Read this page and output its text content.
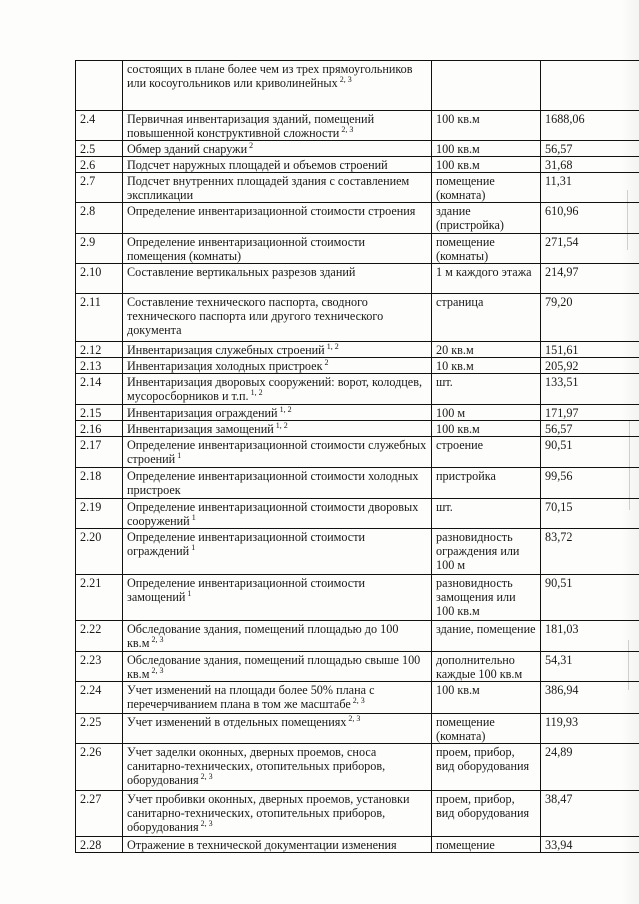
	состоящих в плане более чем из трех прямоугольников или косоугольников или криволинейных $^{2, 3}$		
2.4	Первичная инвентаризация зданий, помещений повышенной конструктивной сложности $^{2, 3}$	100 кв.м	1688,06
2.5	Обмер зданий снаружи $^2$	100 кв.м	56,57
2.6	Подсчет наружных площадей и объемов строений	100 кв.м	31,68
2.7	Подсчет внутренних площадей здания с составлением экспликации	помещение (комната)	11,31
2.8	Определение инвентаризационной стоимости строения	здание (пристройка)	610,96
2.9	Определение инвентаризационной стоимости помещения (комнаты)	помещение (комнаты)	271,54
2.10	Составление вертикальных разрезов зданий	1 м каждого этажа	214,97
2.11	Составление технического паспорта, сводного технического паспорта или другого технического документа	страница	79,20
2.12	Инвентаризация служебных строений $^{1, 2}$	20 кв.м	151,61
2.13	Инвентаризация холодных пристроек $^2$	10 кв.м	205,92
2.14	Инвентаризация дворовых сооружений: ворот, колодцев, мусоросборников и т.п. $^{1, 2}$	шт.	133,51
2.15	Инвентаризация ограждений $^{1, 2}$	100 м	171,97
2.16	Инвентаризация замощений $^{1, 2}$	100 кв.м	56,57
2.17	Определение инвентаризационной стоимости служебных строений $^1$	строение	90,51
2.18	Определение инвентаризационной стоимости холодных пристроек	пристройка	99,56
2.19	Определение инвентаризационной стоимости дворовых сооружений $^1$	шт.	70,15
2.20	Определение инвентаризационной стоимости ограждений $^1$	разновидность ограждения или 100 м	83,72
2.21	Определение инвентаризационной стоимости замощений $^1$	разновидность замощения или 100 кв.м	90,51
2.22	Обследование здания, помещений площадью до 100 кв.м $^{2, 3}$	здание, помещение	181,03
2.23	Обследование здания, помещений площадью свыше 100 кв.м $^{2, 3}$	дополнительно каждые 100 кв.м	54,31
2.24	Учет изменений на площади более 50% плана с перечерчиванием плана в том же масштабе $^{2, 3}$	100 кв.м	386,94
2.25	Учет изменений в отдельных помещениях $^{2, 3}$	помещение (комната)	119,93
2.26	Учет заделки оконных, дверных проемов, сноса санитарно-технических, отопительных приборов, оборудования $^{2, 3}$	проем, прибор, вид оборудования	24,89
2.27	Учет пробивки оконных, дверных проемов, установки санитарно-технических, отопительных приборов, оборудования $^{2, 3}$	проем, прибор, вид оборудования	38,47
2.28	Отражение в технической документации изменения	помещение	33,94
